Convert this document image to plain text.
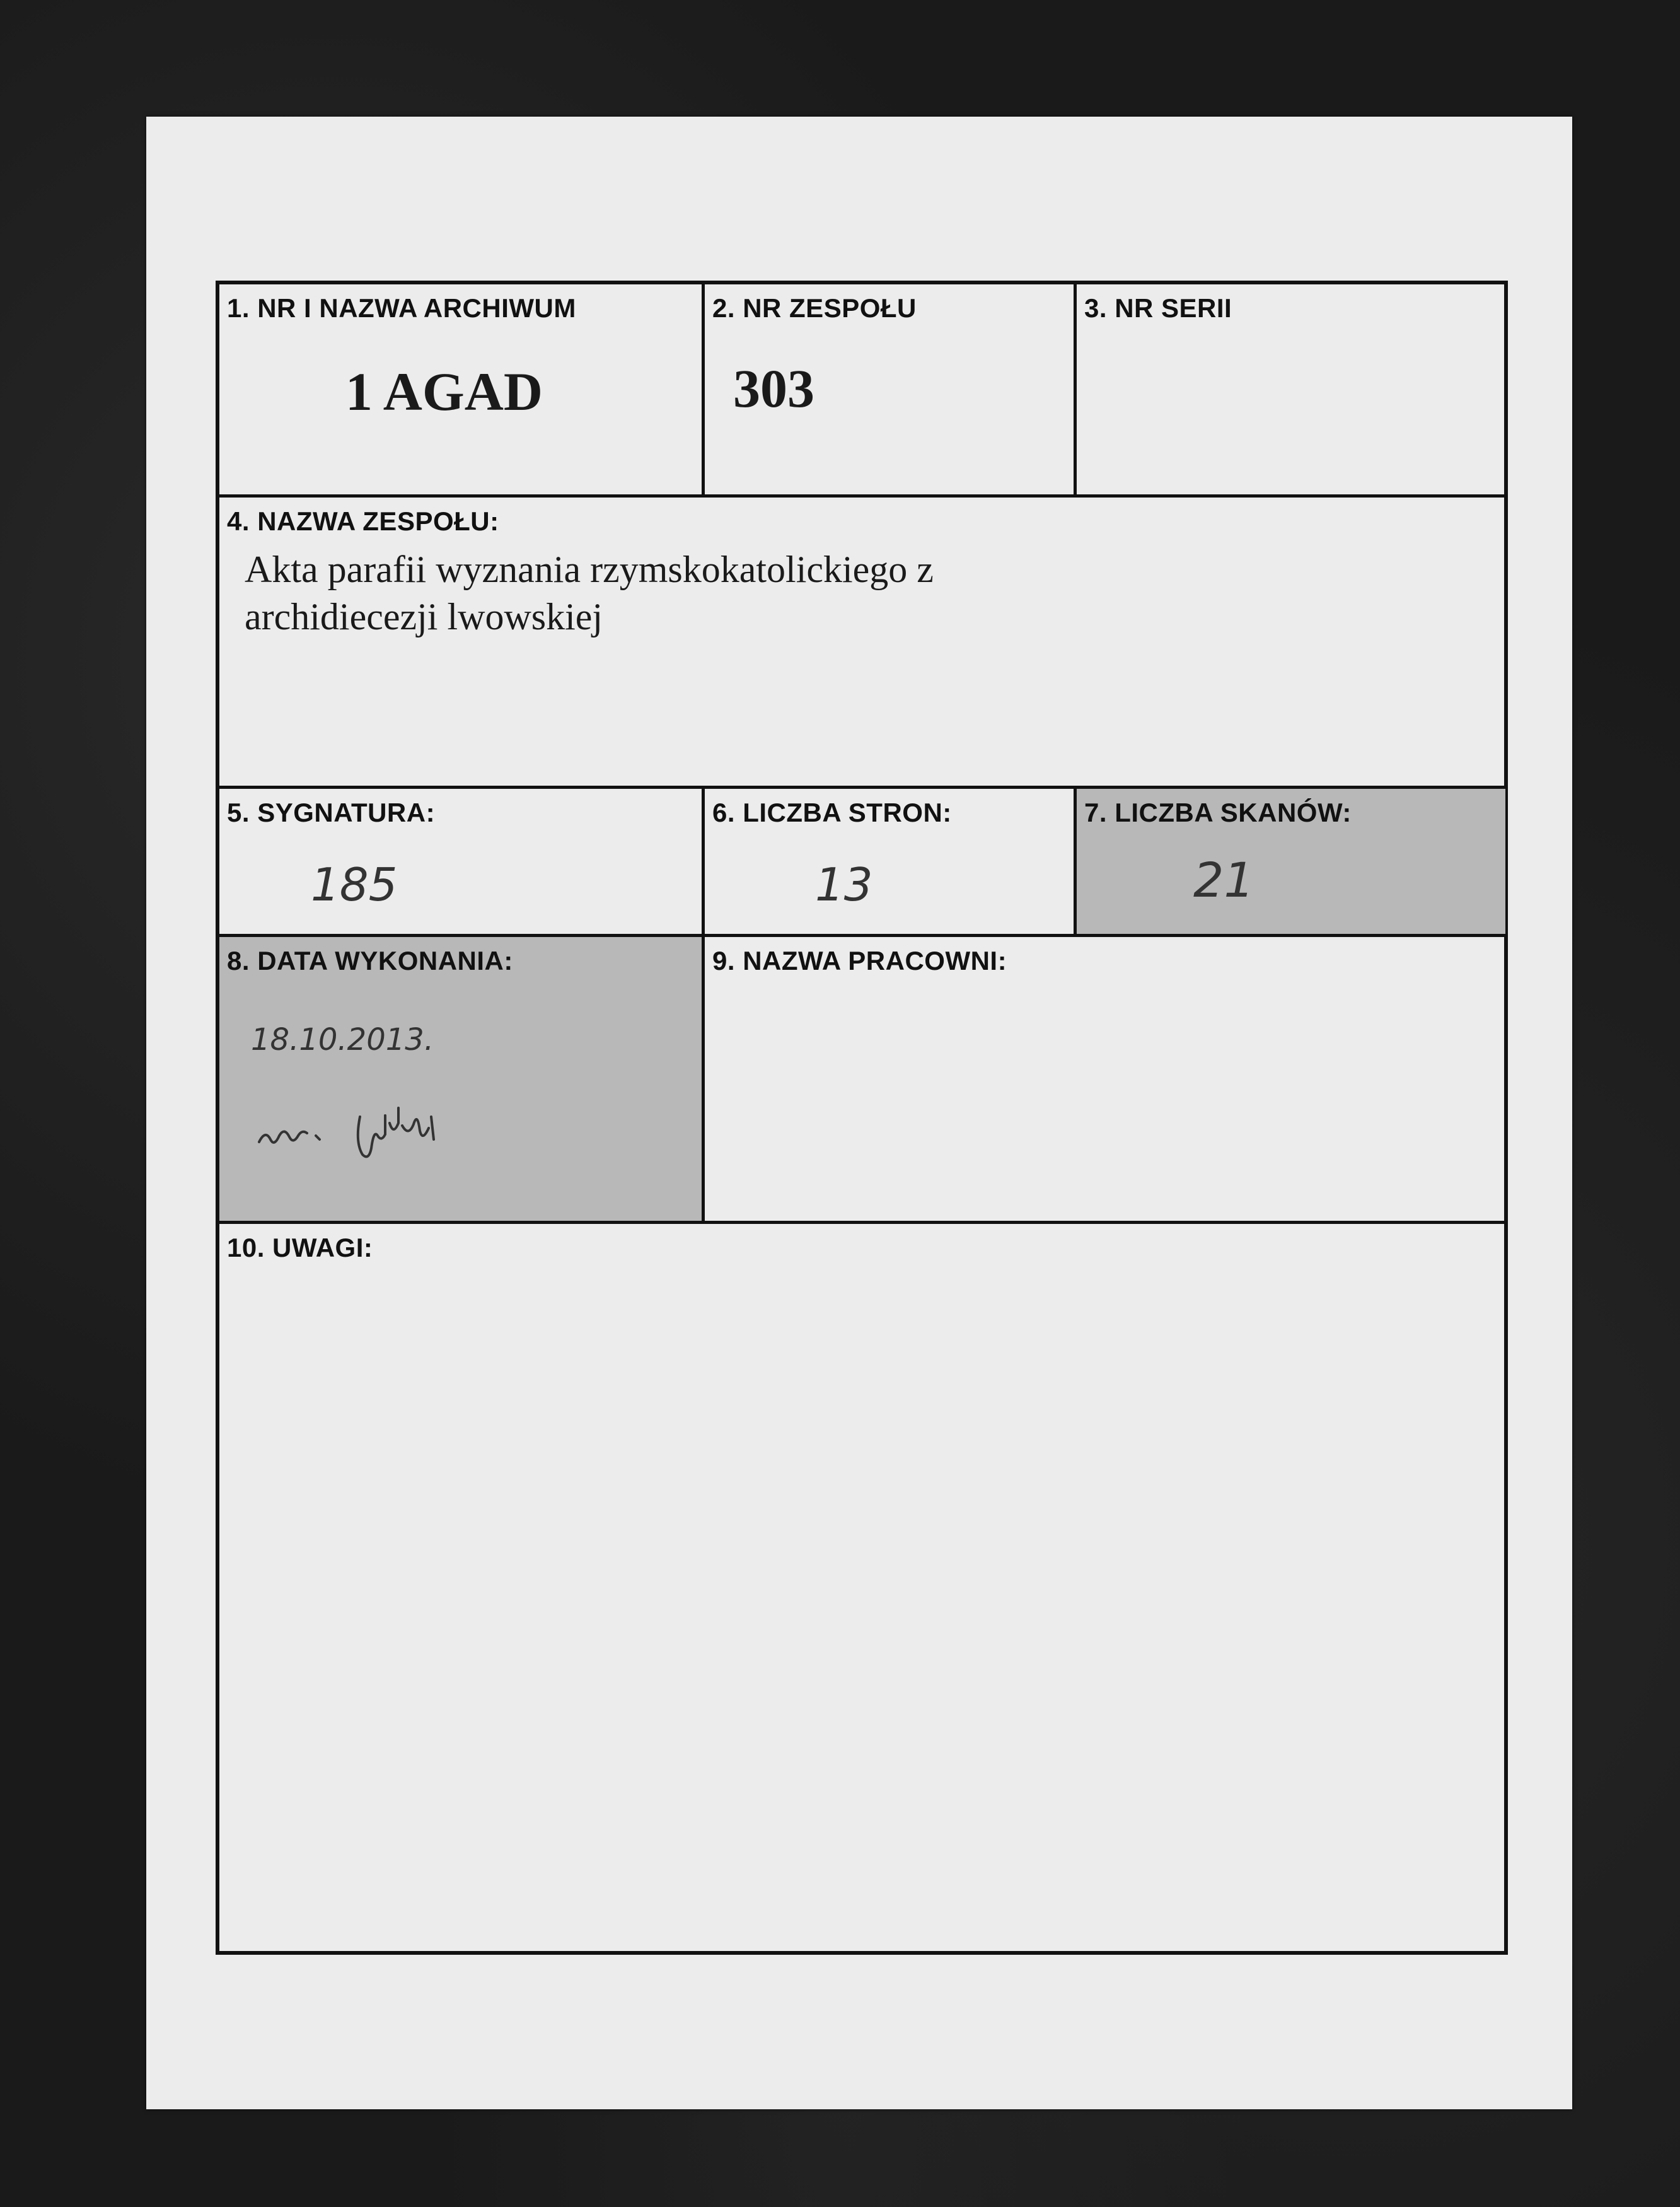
1. NR I NAZWA ARCHIWUM
1 AGAD
2. NR ZESPOŁU
303
3. NR SERII
4. NAZWA ZESPOŁU:
Akta parafii wyznania rzymskokatolickiego z
archidiecezji lwowskiej
5. SYGNATURA:
185
6. LICZBA STRON:
13
7. LICZBA SKANÓW:
21
8. DATA WYKONANIA:
18.10.2013.
9. NAZWA PRACOWNI:
10. UWAGI:
